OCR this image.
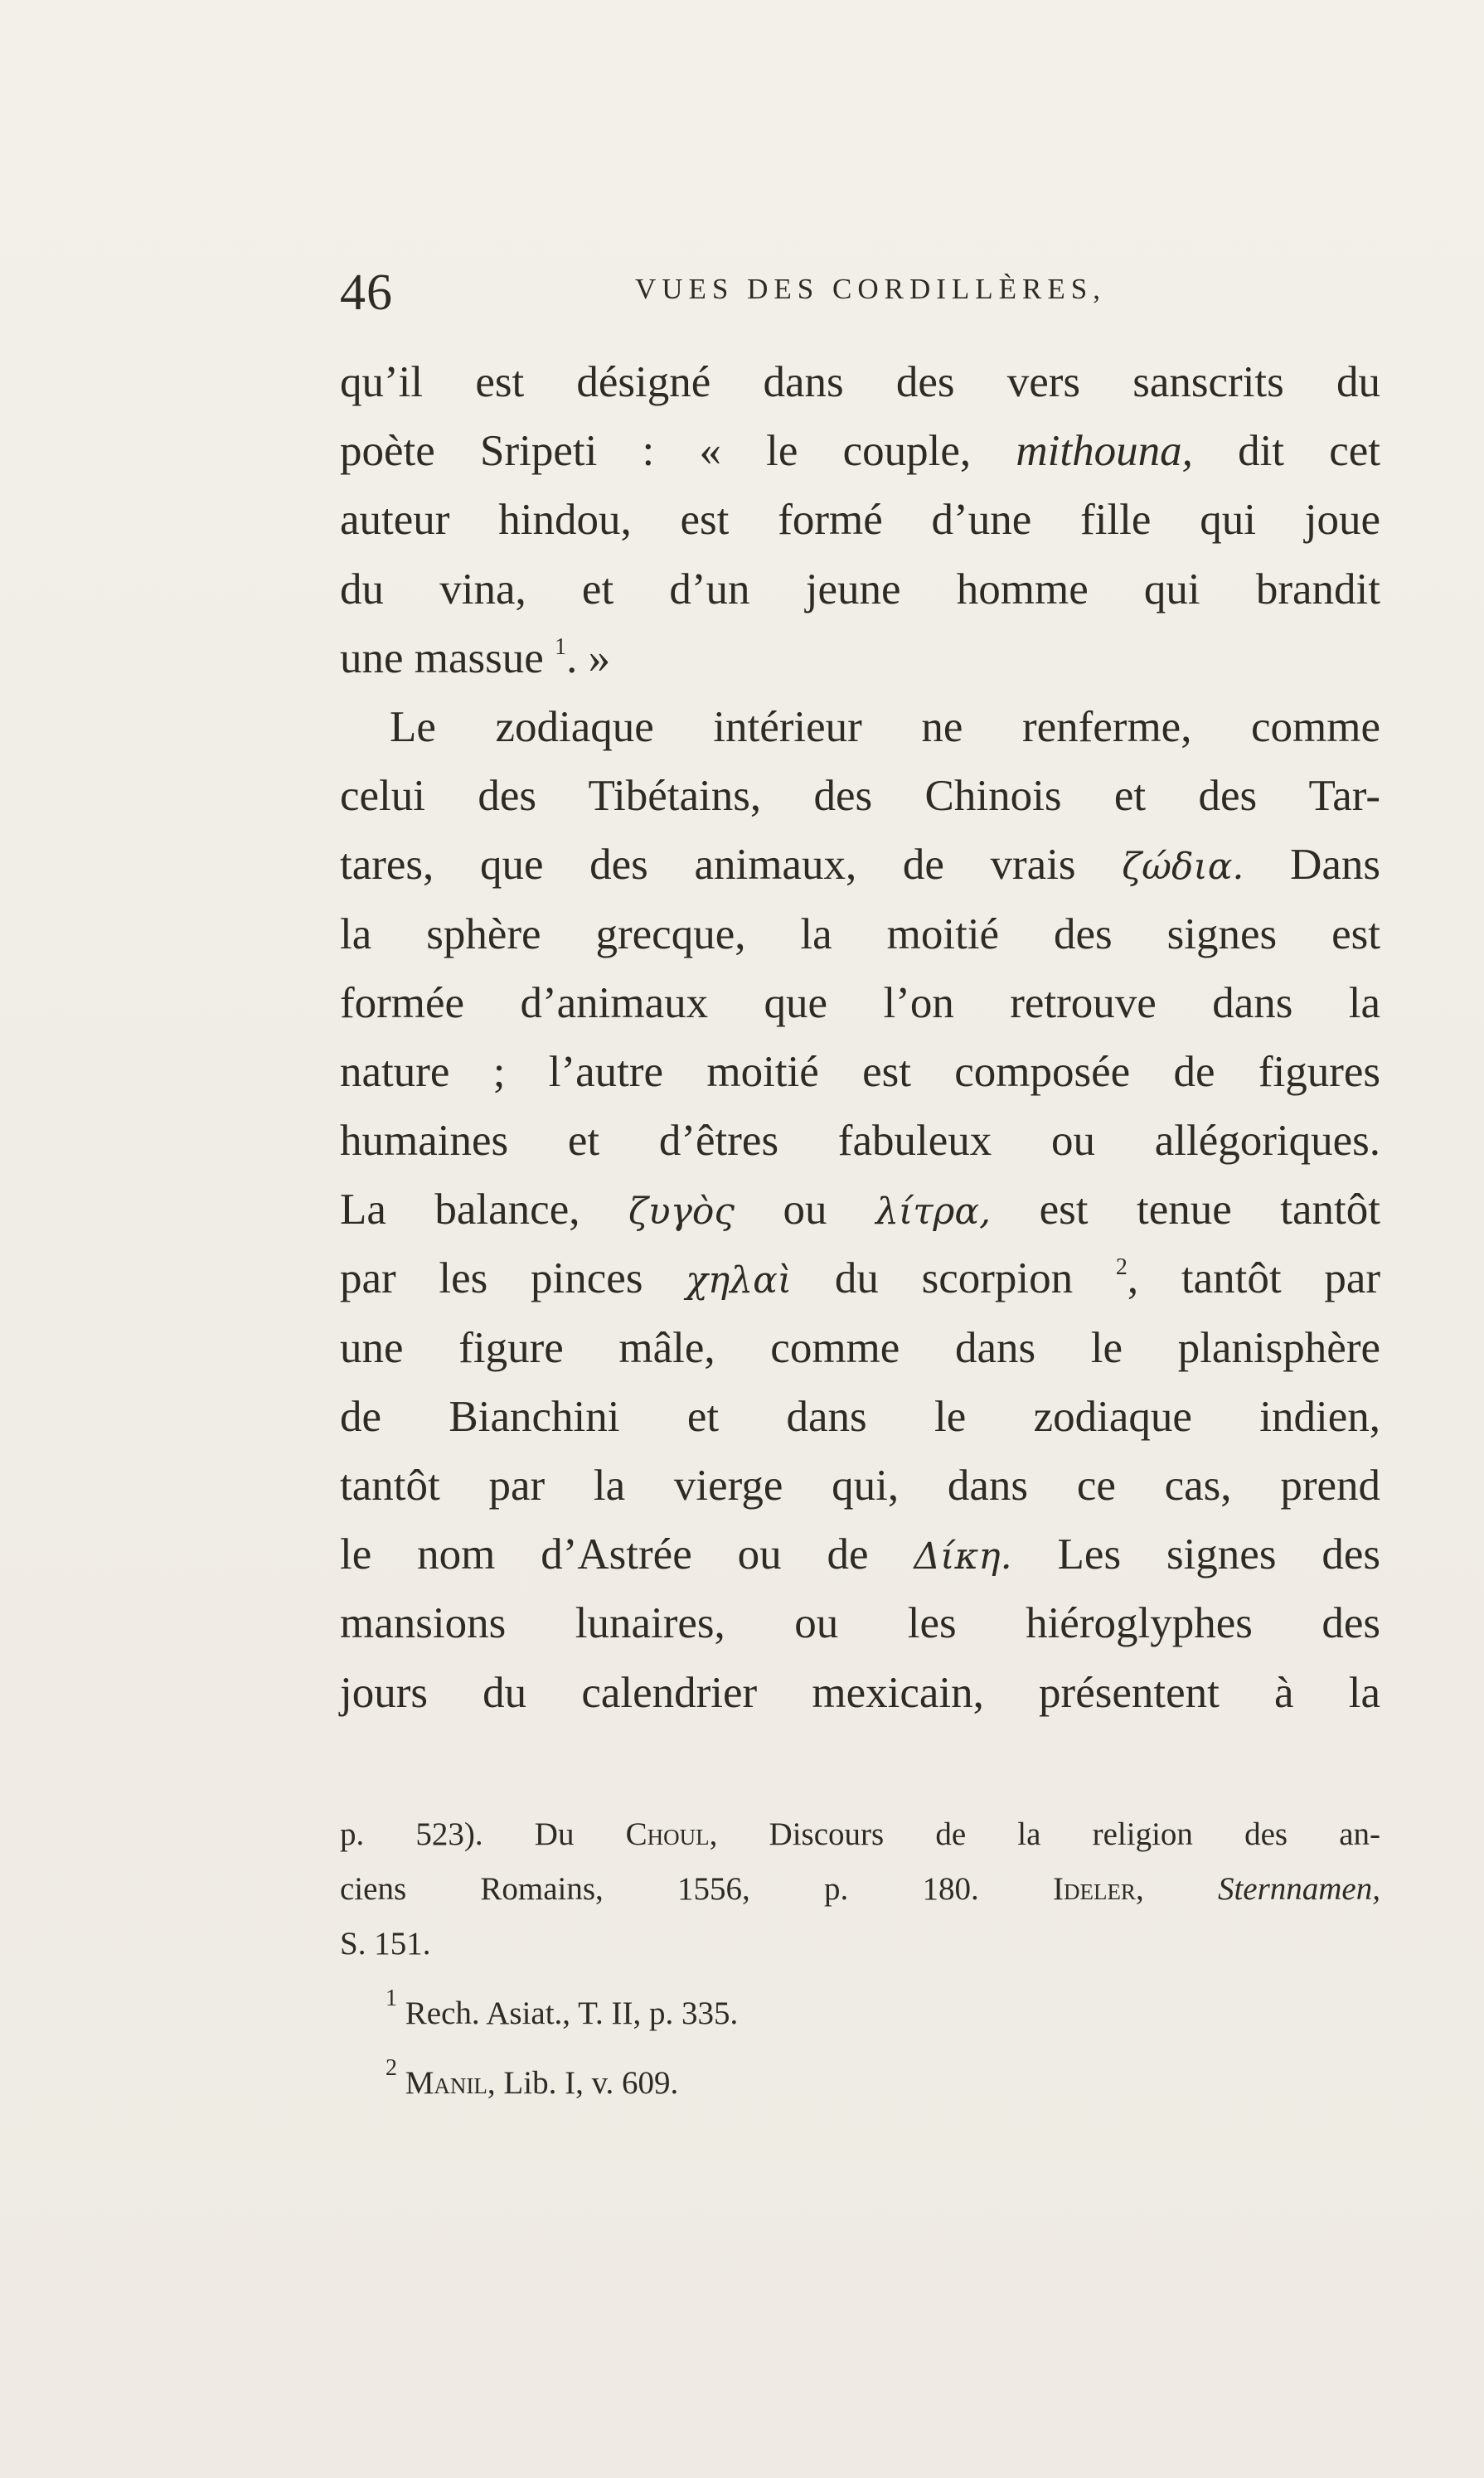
46	VUES DES CORDILLÈRES,
qu’il est désigné dans des vers sanscrits du
poète Sripeti : « le couple, mithouna, dit cet
auteur hindou, est formé d’une fille qui joue
du vina, et d’un jeune homme qui brandit
une massue $^1$. »
Le zodiaque intérieur ne renferme, comme
celui des Tibétains, des Chinois et des Tar-
tares, que des animaux, de vrais ζώδια. Dans
la sphère grecque, la moitié des signes est
formée d’animaux que l’on retrouve dans la
nature ; l’autre moitié est composée de figures
humaines et d’êtres fabuleux ou allégoriques.
La balance, ζυγὸς ou λίτρα, est tenue tantôt
par les pinces χηλαὶ du scorpion $^2$, tantôt par
une figure mâle, comme dans le planisphère
de Bianchini et dans le zodiaque indien,
tantôt par la vierge qui, dans ce cas, prend
le nom d’Astrée ou de Δίκη. Les signes des
mansions lunaires, ou les hiéroglyphes des
jours du calendrier mexicain, présentent à la
p. 523). Du Choul, Discours de la religion des an-
ciens Romains, 1556, p. 180. Ideler, Sternnamen,
S. 151.
$^1$ Rech. Asiat., T. II, p. 335.
$^2$ Manil, Lib. I, v. 609.
